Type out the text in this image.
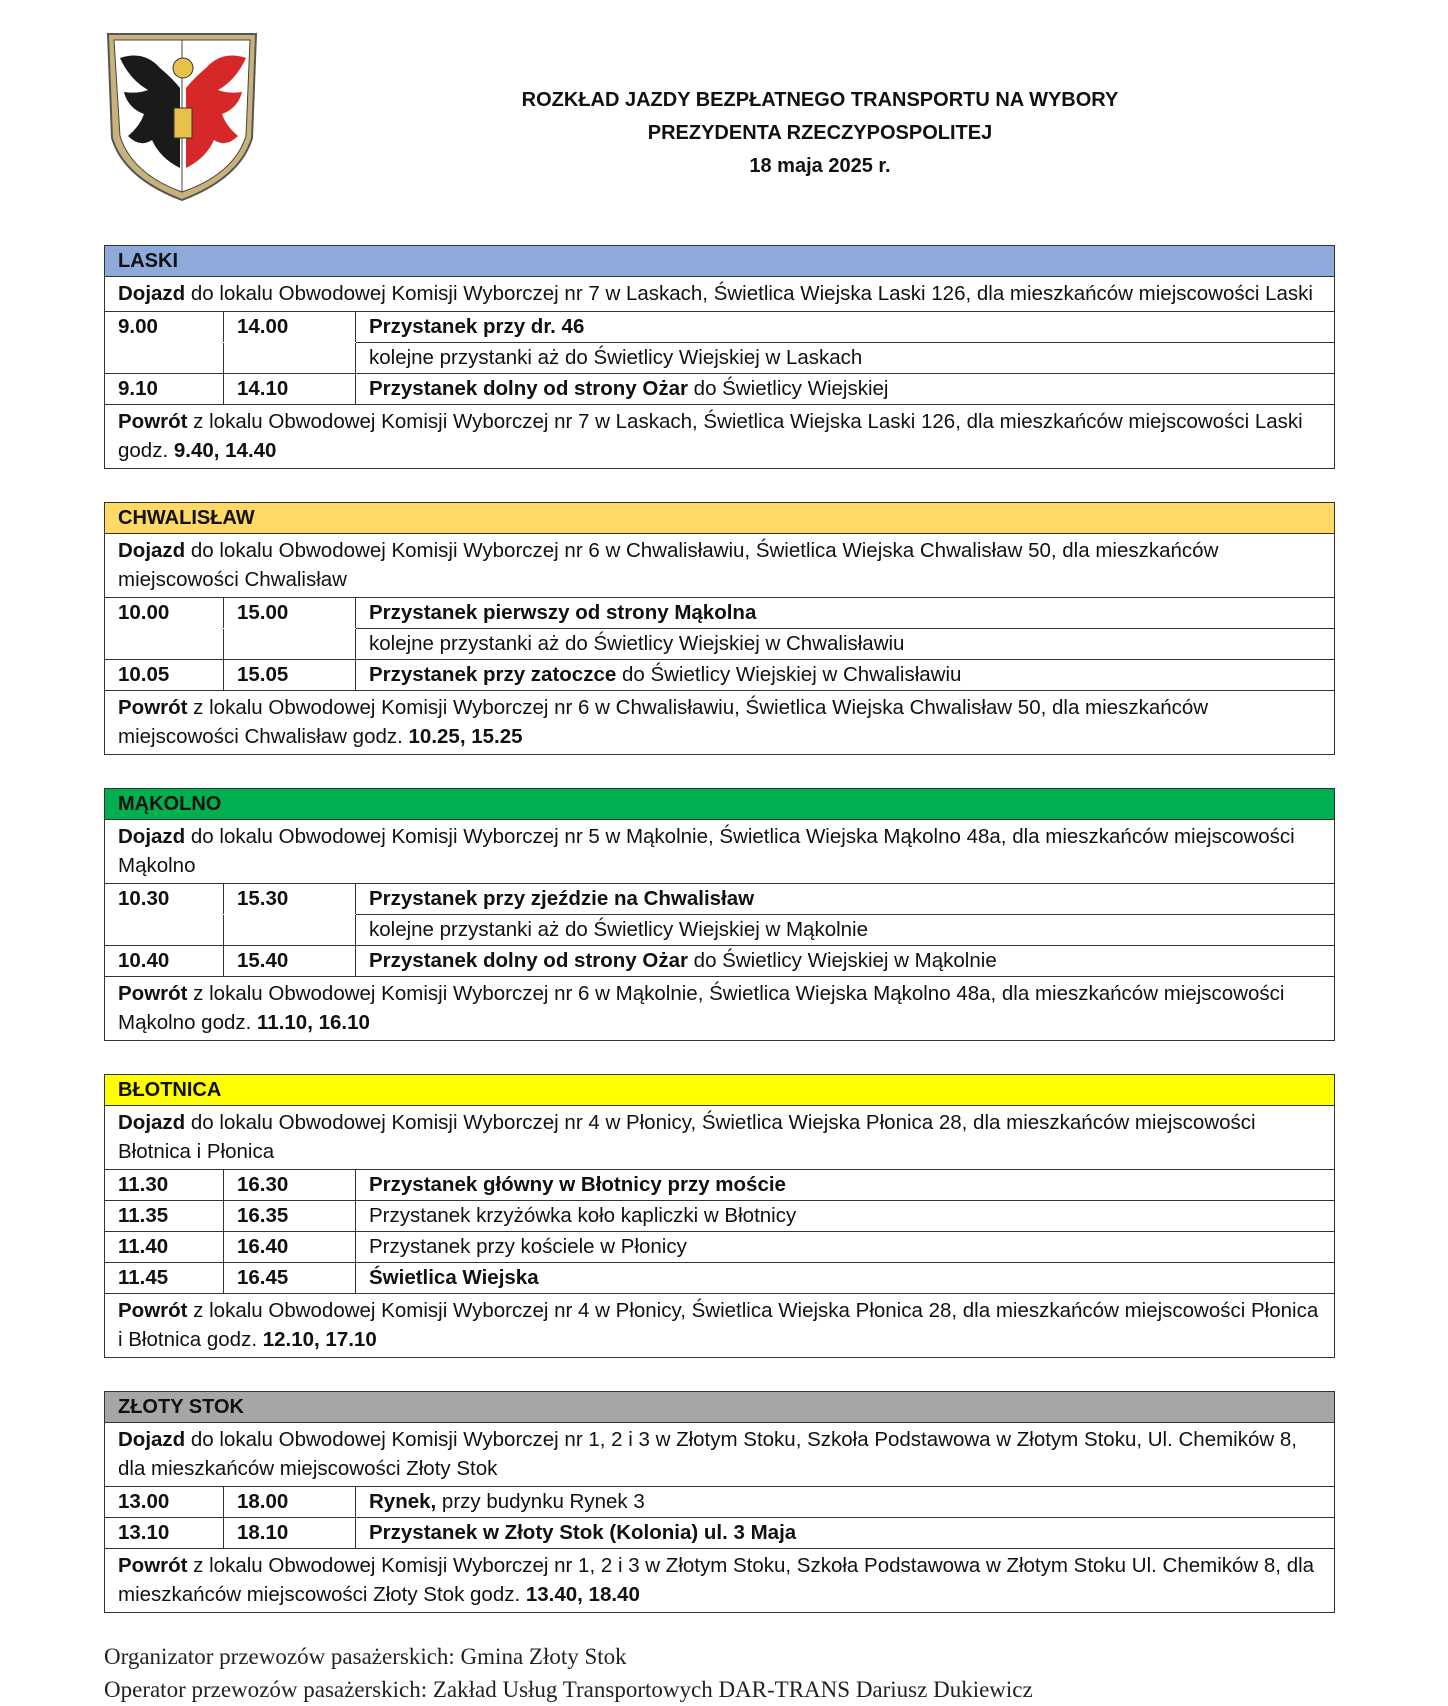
ROZKŁAD JAZDY BEZPŁATNEGO TRANSPORTU NA WYBORY
PREZYDENTA RZECZYPOSPOLITEJ
18 maja 2025 r.
LASKI
Dojazd do lokalu Obwodowej Komisji Wyborczej nr 7 w Laskach, Świetlica Wiejska Laski 126, dla mieszkańców miejscowości Laski
9.00	14.00	Przystanek przy dr. 46
kolejne przystanki aż do Świetlicy Wiejskiej w Laskach
9.10	14.10	Przystanek dolny od strony Ożar do Świetlicy Wiejskiej
Powrót z lokalu Obwodowej Komisji Wyborczej nr 7 w Laskach, Świetlica Wiejska Laski 126, dla mieszkańców miejscowości Laski godz. 9.40, 14.40
CHWALISŁAW
Dojazd do lokalu Obwodowej Komisji Wyborczej nr 6 w Chwalisławiu, Świetlica Wiejska Chwalisław 50, dla mieszkańców miejscowości Chwalisław
10.00	15.00	Przystanek pierwszy od strony Mąkolna
kolejne przystanki aż do Świetlicy Wiejskiej w Chwalisławiu
10.05	15.05	Przystanek przy zatoczce do Świetlicy Wiejskiej w Chwalisławiu
Powrót z lokalu Obwodowej Komisji Wyborczej nr 6 w Chwalisławiu, Świetlica Wiejska Chwalisław 50, dla mieszkańców miejscowości Chwalisław godz. 10.25, 15.25
MĄKOLNO
Dojazd do lokalu Obwodowej Komisji Wyborczej nr 5 w Mąkolnie, Świetlica Wiejska Mąkolno 48a, dla mieszkańców miejscowości Mąkolno
10.30	15.30	Przystanek przy zjeździe na Chwalisław
kolejne przystanki aż do Świetlicy Wiejskiej w Mąkolnie
10.40	15.40	Przystanek dolny od strony Ożar do Świetlicy Wiejskiej w Mąkolnie
Powrót z lokalu Obwodowej Komisji Wyborczej nr 6 w Mąkolnie, Świetlica Wiejska Mąkolno 48a, dla mieszkańców miejscowości Mąkolno godz. 11.10, 16.10
BŁOTNICA
Dojazd do lokalu Obwodowej Komisji Wyborczej nr 4 w Płonicy, Świetlica Wiejska Płonica 28, dla mieszkańców miejscowości Błotnica i Płonica
11.30	16.30	Przystanek główny w Błotnicy przy moście
11.35	16.35	Przystanek krzyżówka koło kapliczki w Błotnicy
11.40	16.40	Przystanek przy kościele w Płonicy
11.45	16.45	Świetlica Wiejska
Powrót z lokalu Obwodowej Komisji Wyborczej nr 4 w Płonicy, Świetlica Wiejska Płonica 28, dla mieszkańców miejscowości Płonica i Błotnica godz. 12.10, 17.10
ZŁOTY STOK
Dojazd do lokalu Obwodowej Komisji Wyborczej nr 1, 2 i 3 w Złotym Stoku, Szkoła Podstawowa w Złotym Stoku, Ul. Chemików 8, dla mieszkańców miejscowości Złoty Stok
13.00	18.00	Rynek, przy budynku Rynek 3
13.10	18.10	Przystanek w Złoty Stok (Kolonia) ul. 3 Maja
Powrót z lokalu Obwodowej Komisji Wyborczej nr 1, 2 i 3 w Złotym Stoku, Szkoła Podstawowa w Złotym Stoku Ul. Chemików 8, dla mieszkańców miejscowości Złoty Stok godz. 13.40, 18.40
Organizator przewozów pasażerskich: Gmina Złoty Stok
Operator przewozów pasażerskich: Zakład Usług Transportowych DAR-TRANS Dariusz Dukiewicz
